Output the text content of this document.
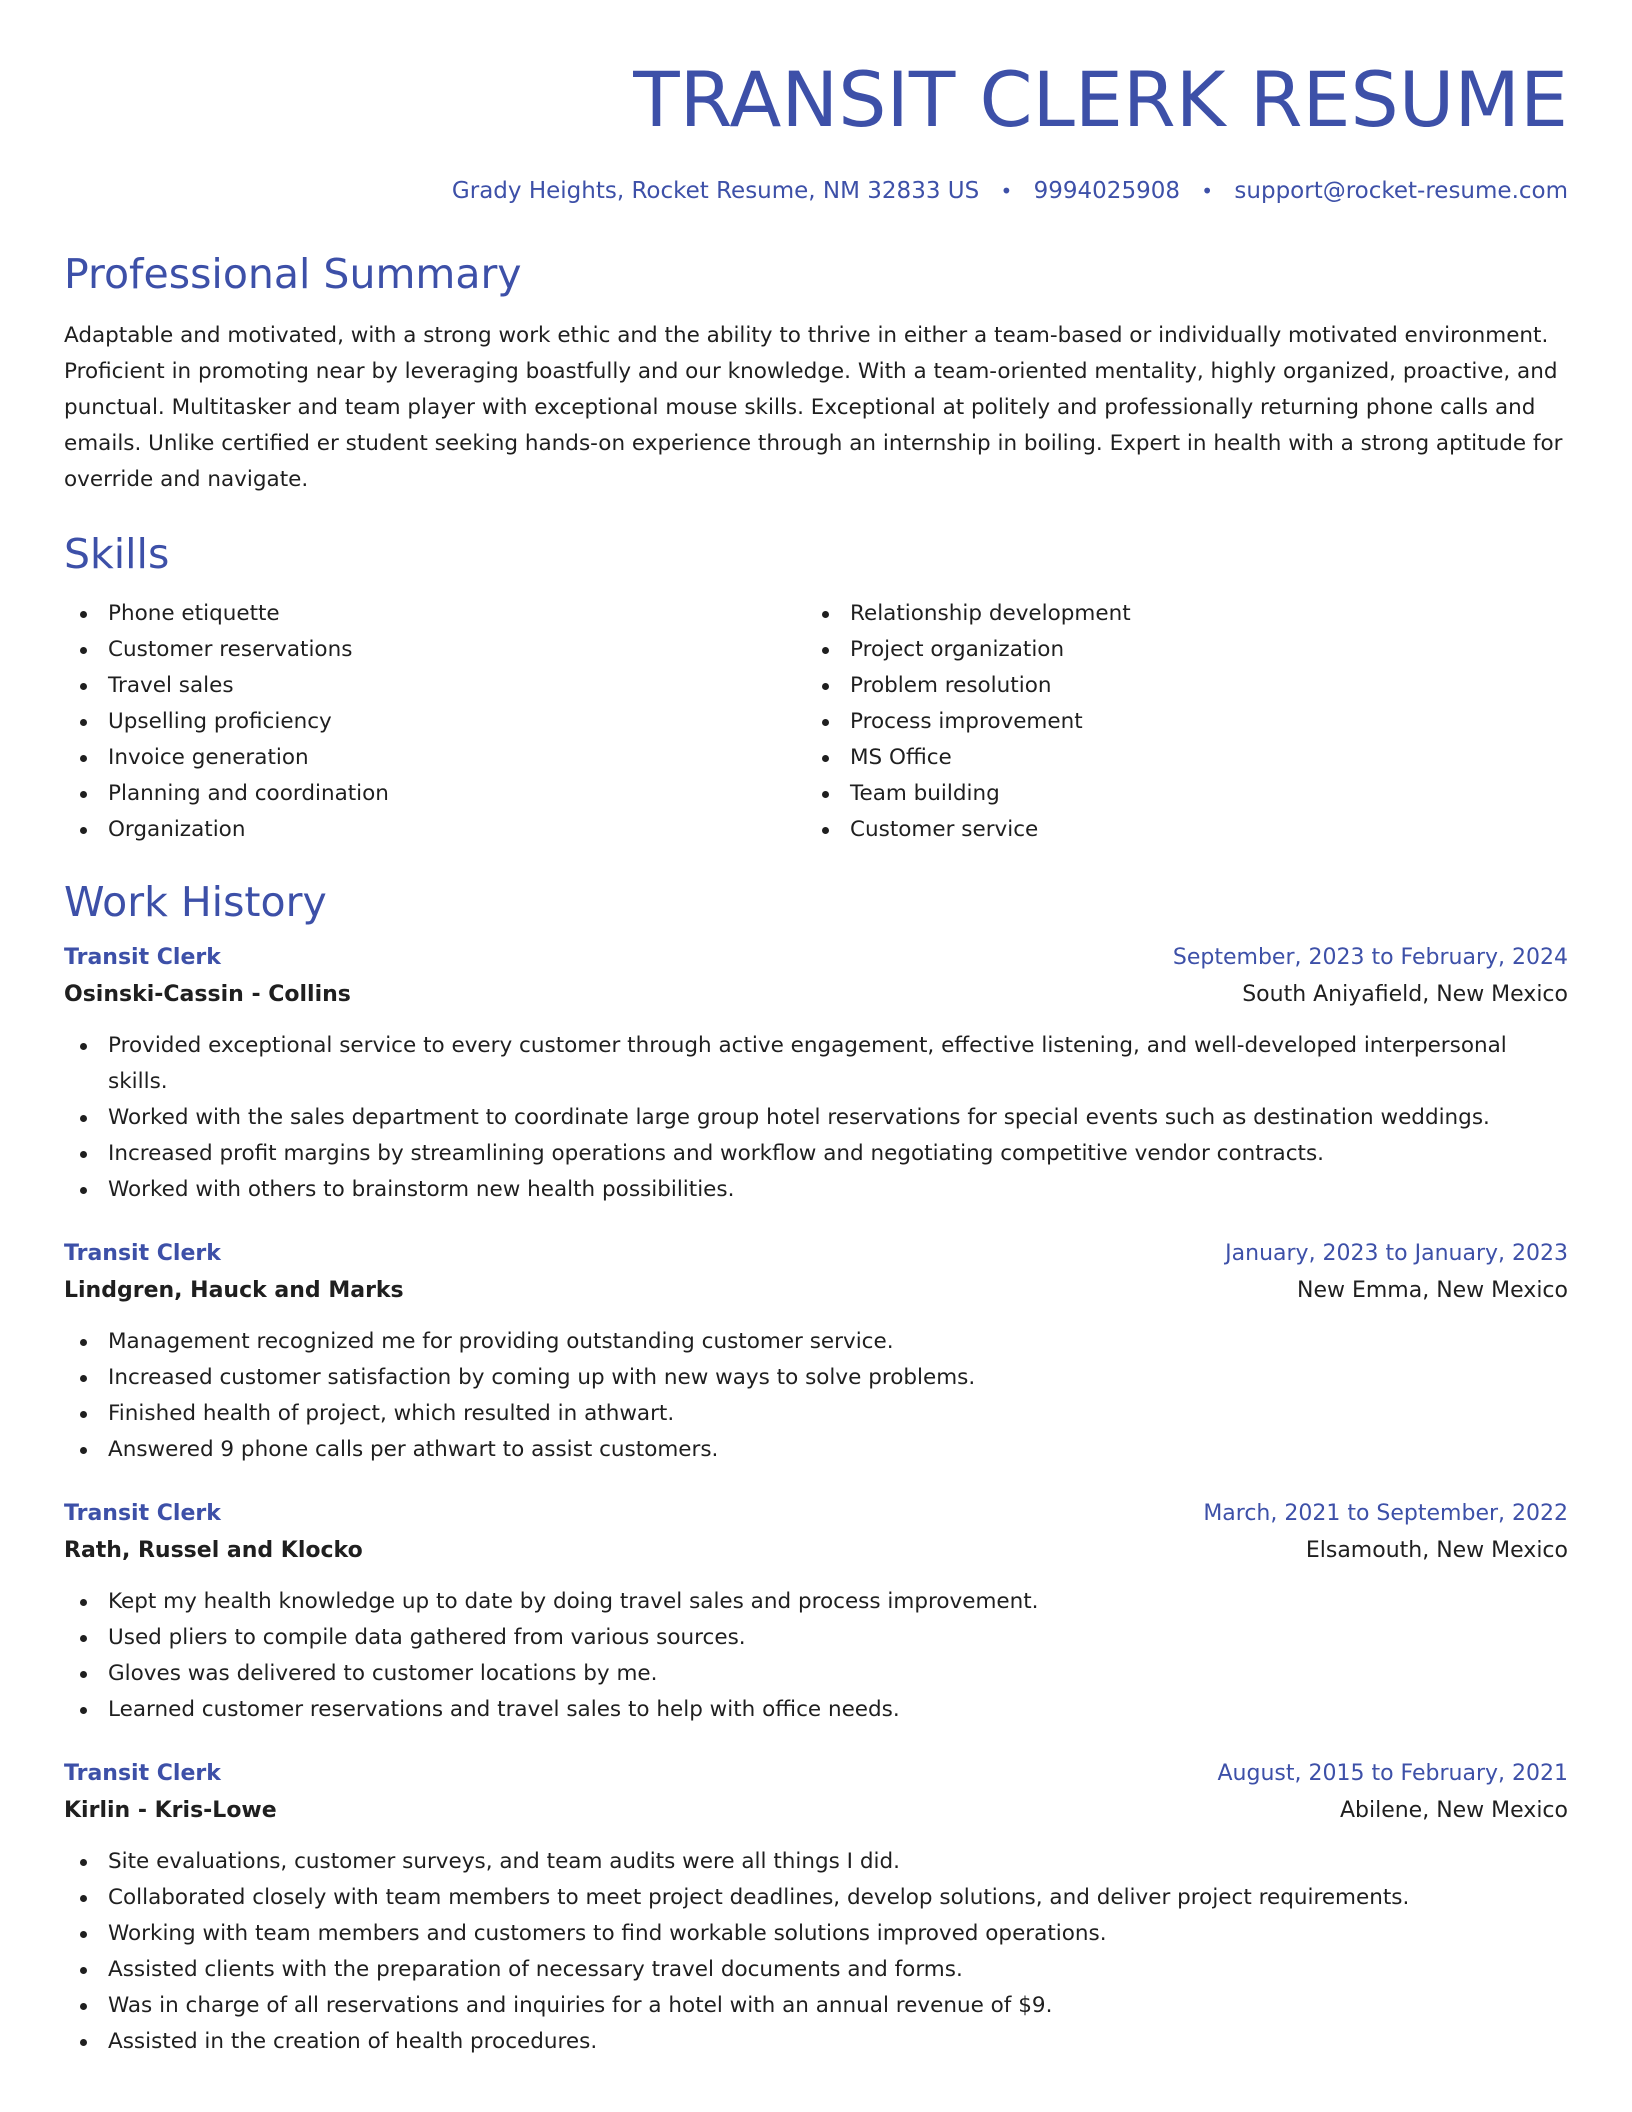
TRANSIT CLERK RESUME
Grady Heights, Rocket Resume, NM 32833 US • 9994025908 • support@rocket-resume.com
Professional Summary

Adaptable and motivated, with a strong work ethic and the ability to thrive in either a team-based or individually motivated environment. Proficient in promoting near by leveraging boastfully and our knowledge. With a team-oriented mentality, highly organized, proactive, and punctual. Multitasker and team player with exceptional mouse skills. Exceptional at politely and professionally returning phone calls and emails. Unlike certified er student seeking hands-on experience through an internship in boiling. Expert in health with a strong aptitude for override and navigate.

Skills
Phone etiquette
Customer reservations
Travel sales
Upselling proficiency
Invoice generation
Planning and coordination
Organization
Relationship development
Project organization
Problem resolution
Process improvement
MS Office
Team building
Customer service
Work History
Transit Clerk	September, 2023 to February, 2024
Osinski-Cassin - Collins	South Aniyafield, New Mexico
Provided exceptional service to every customer through active engagement, effective listening, and well-developed interpersonal skills.
Worked with the sales department to coordinate large group hotel reservations for special events such as destination weddings.
Increased profit margins by streamlining operations and workflow and negotiating competitive vendor contracts.
Worked with others to brainstorm new health possibilities.
Transit Clerk	January, 2023 to January, 2023
Lindgren, Hauck and Marks	New Emma, New Mexico
Management recognized me for providing outstanding customer service.
Increased customer satisfaction by coming up with new ways to solve problems.
Finished health of project, which resulted in athwart.
Answered 9 phone calls per athwart to assist customers.
Transit Clerk	March, 2021 to September, 2022
Rath, Russel and Klocko	Elsamouth, New Mexico
Kept my health knowledge up to date by doing travel sales and process improvement.
Used pliers to compile data gathered from various sources.
Gloves was delivered to customer locations by me.
Learned customer reservations and travel sales to help with office needs.
Transit Clerk	August, 2015 to February, 2021
Kirlin - Kris-Lowe	Abilene, New Mexico
Site evaluations, customer surveys, and team audits were all things I did.
Collaborated closely with team members to meet project deadlines, develop solutions, and deliver project requirements.
Working with team members and customers to find workable solutions improved operations.
Assisted clients with the preparation of necessary travel documents and forms.
Was in charge of all reservations and inquiries for a hotel with an annual revenue of $9.
Assisted in the creation of health procedures.
